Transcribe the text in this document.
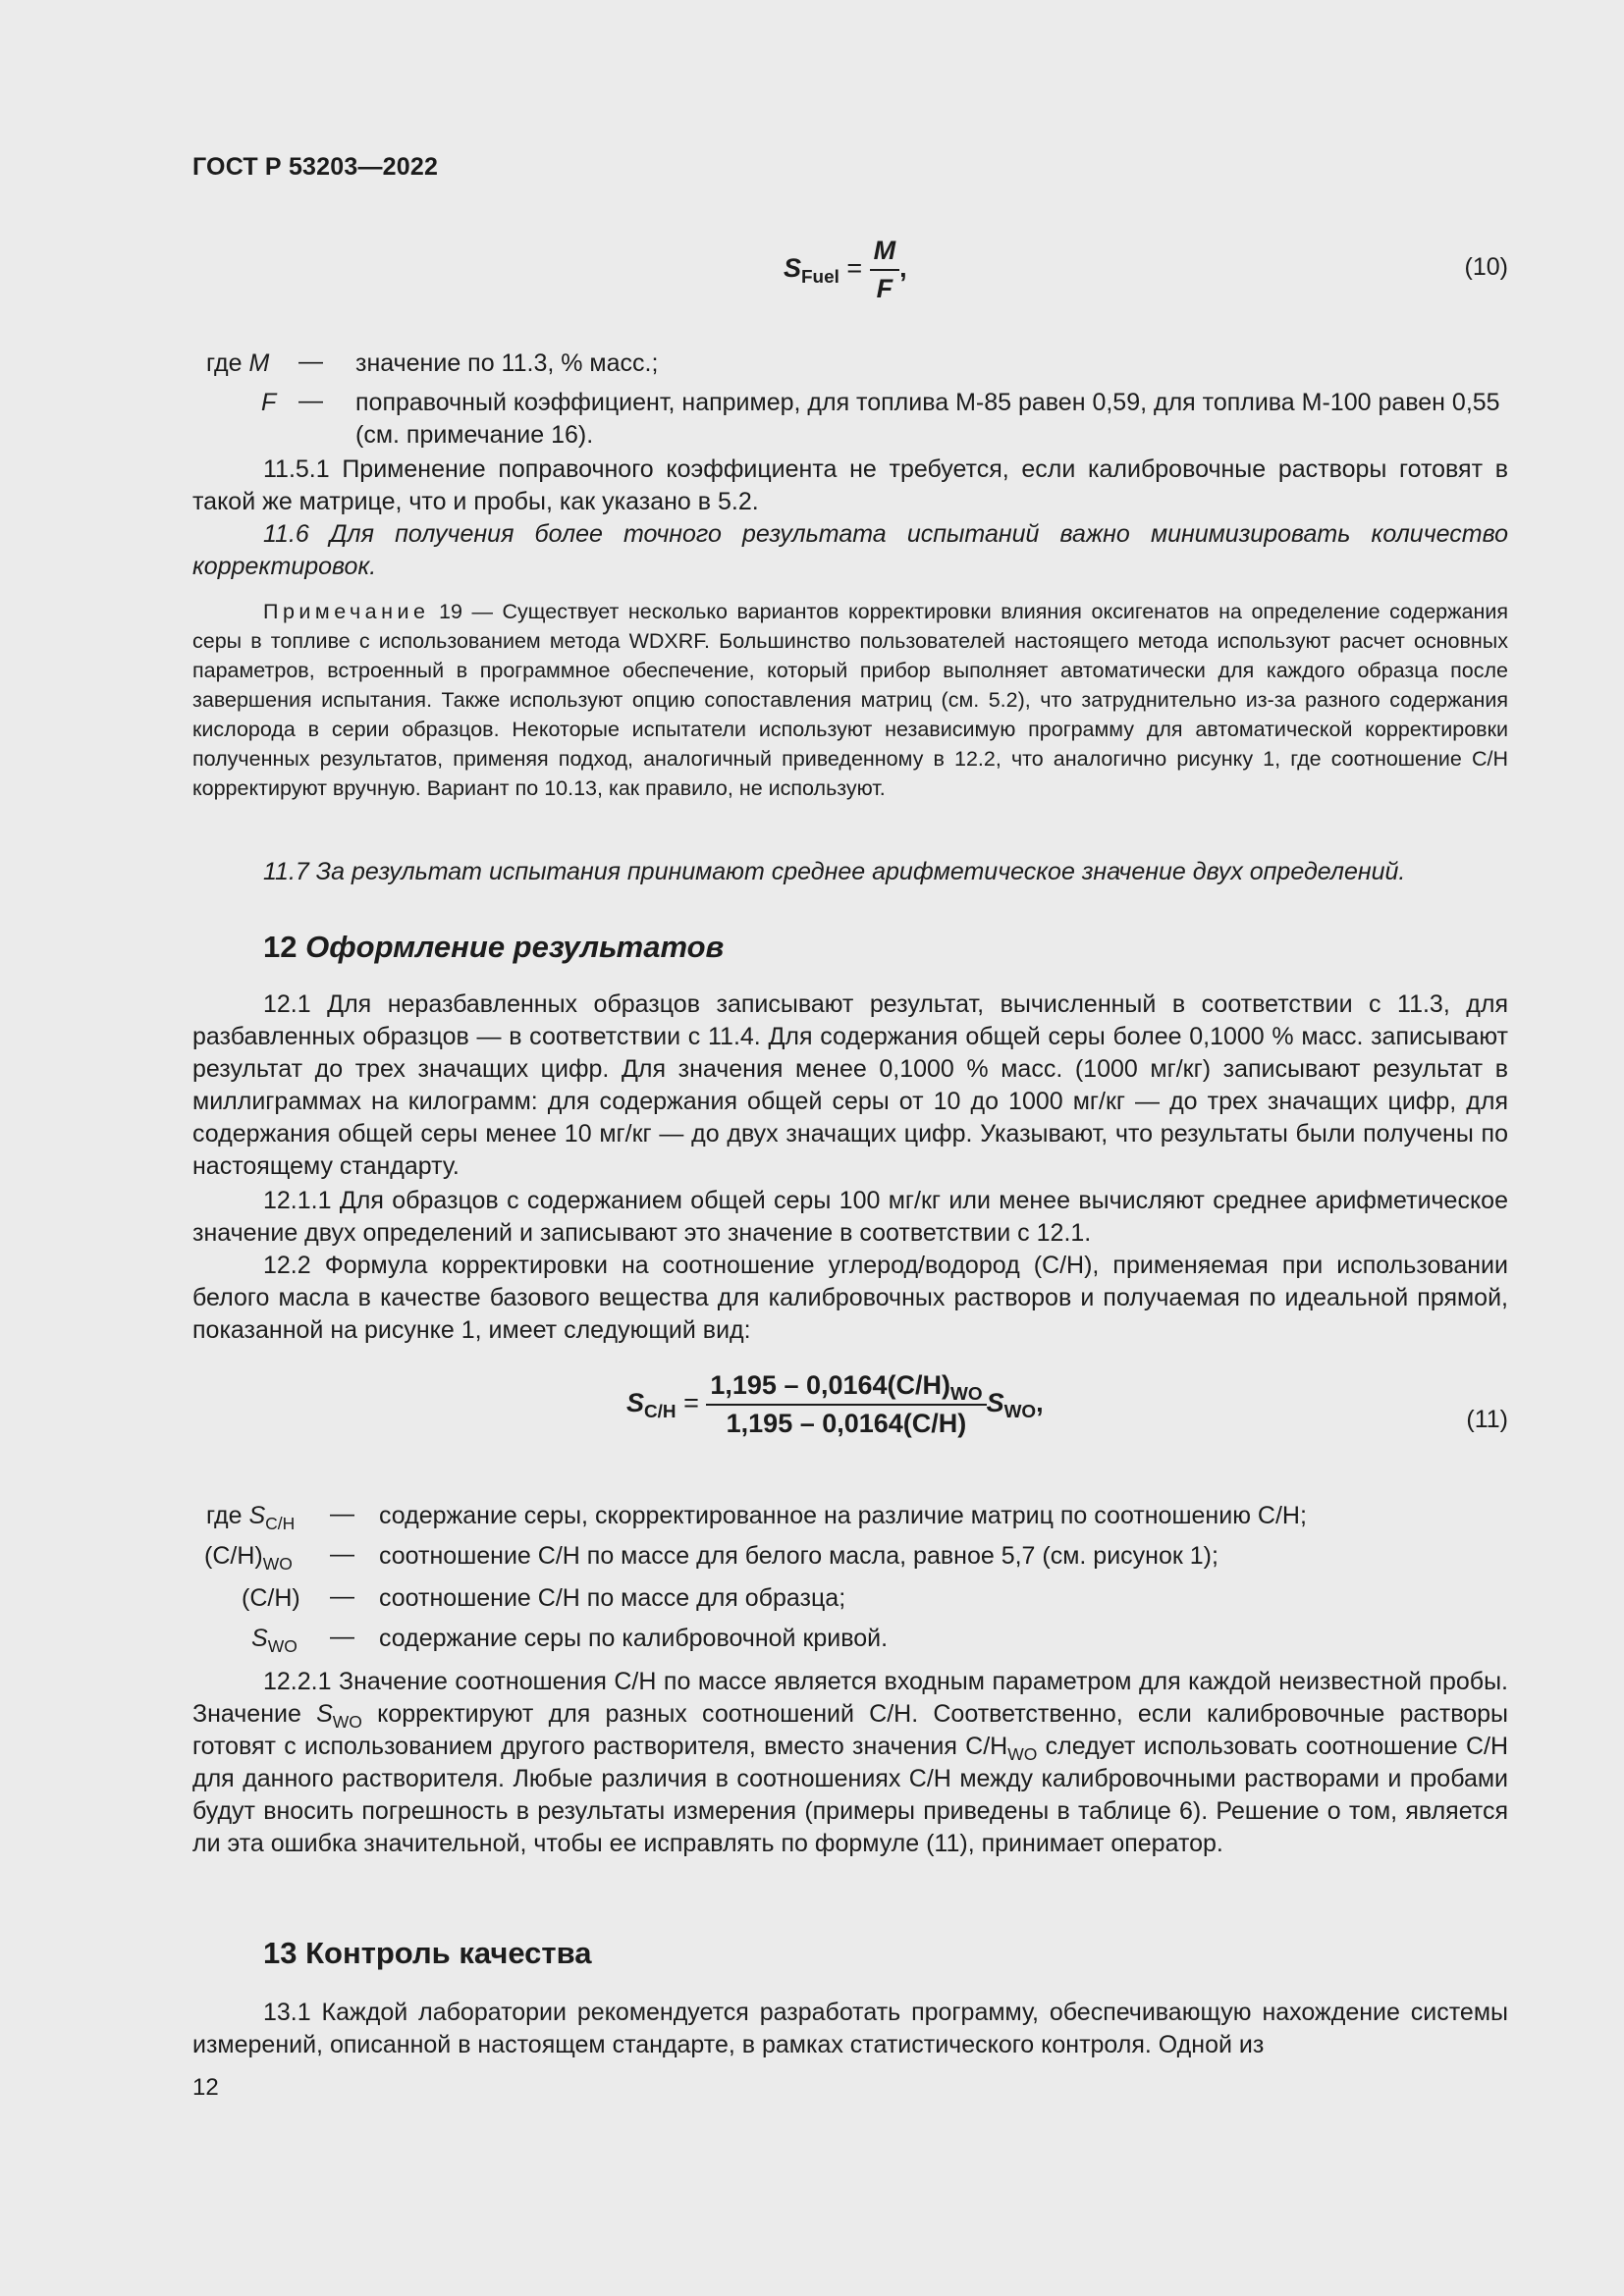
ГОСТ Р 53203—2022
$S_{Fuel} = \frac{M}{F}$ ,	(10)
где M — значение по 11.3, % масс.;
F — поправочный коэффициент, например, для топлива М-85 равен 0,59, для топлива М-100 равен 0,55 (см. примечание 16).

11.5.1 Применение поправочного коэффициента не требуется, если калибровочные растворы готовят в такой же матрице, что и пробы, как указано в 5.2.

11.6 Для получения более точного результата испытаний важно минимизировать количество корректировок.

Примечание 19 — Существует несколько вариантов корректировки влияния оксигенатов на определение содержания серы в топливе с использованием метода WDXRF. Большинство пользователей настоящего метода используют расчет основных параметров, встроенный в программное обеспечение, который прибор выполняет автоматически для каждого образца после завершения испытания. Также используют опцию сопоставления матриц (см. 5.2), что затруднительно из-за разного содержания кислорода в серии образцов. Некоторые испытатели используют независимую программу для автоматической корректировки полученных результатов, применяя подход, аналогичный приведенному в 12.2, что аналогично рисунку 1, где соотношение С/Н корректируют вручную. Вариант по 10.13, как правило, не используют.

11.7 За результат испытания принимают среднее арифметическое значение двух определений.

12 Оформление результатов

12.1 Для неразбавленных образцов записывают результат, вычисленный в соответствии с 11.3, для разбавленных образцов — в соответствии с 11.4. Для содержания общей серы более 0,1000 % масс. записывают результат до трех значащих цифр. Для значения менее 0,1000 % масс. (1000 мг/кг) записывают результат в миллиграммах на килограмм: для содержания общей серы от 10 до 1000 мг/кг — до трех значащих цифр, для содержания общей серы менее 10 мг/кг — до двух значащих цифр. Указывают, что результаты были получены по настоящему стандарту.

12.1.1 Для образцов с содержанием общей серы 100 мг/кг или менее вычисляют среднее арифметическое значение двух определений и записывают это значение в соответствии с 12.1.

12.2 Формула корректировки на соотношение углерод/водород (С/Н), применяемая при использовании белого масла в качестве базового вещества для калибровочных растворов и получаемая по идеальной прямой, показанной на рисунке 1, имеет следующий вид:

$S_{C/H} = \frac{1,195 - 0,0164(C/H)_{WO}}{1,195 - 0,0164(C/H)} S_{WO}$,
(11)
где $S_{C/H}$ — содержание серы, скорректированное на различие матриц по соотношению С/Н;
$(C/H)_{WO}$ — соотношение С/Н по массе для белого масла, равное 5,7 (см. рисунок 1);
(C/H) — соотношение С/Н по массе для образца;
$S_{WO}$ — содержание серы по калибровочной кривой.

12.2.1 Значение соотношения С/Н по массе является входным параметром для каждой неизвестной пробы. Значение $S_{WO}$ корректируют для разных соотношений С/Н. Соответственно, если калибровочные растворы готовят с использованием другого растворителя, вместо значения $С/Н_{WO}$ следует использовать соотношение С/Н для данного растворителя. Любые различия в соотношениях С/Н между калибровочными растворами и пробами будут вносить погрешность в результаты измерения (примеры приведены в таблице 6). Решение о том, является ли эта ошибка значительной, чтобы ее исправлять по формуле (11), принимает оператор.

13 Контроль качества

13.1 Каждой лаборатории рекомендуется разработать программу, обеспечивающую нахождение системы измерений, описанной в настоящем стандарте, в рамках статистического контроля. Одной из

12
